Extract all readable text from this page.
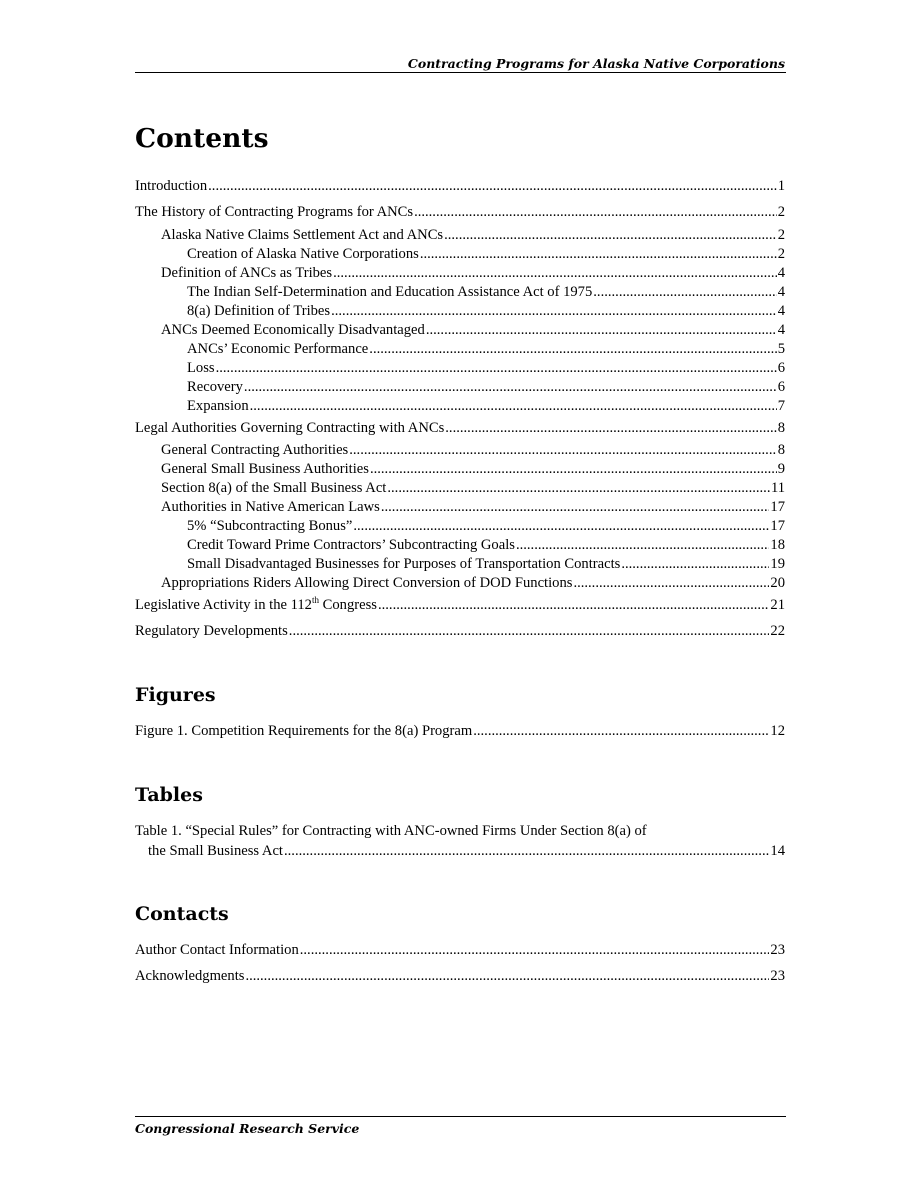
Contracting Programs for Alaska Native Corporations
Contents
Introduction .....	1
The History of Contracting Programs for ANCs .....	2
Alaska Native Claims Settlement Act and ANCs .....	2
Creation of Alaska Native Corporations .....	2
Definition of ANCs as Tribes .....	4
The Indian Self-Determination and Education Assistance Act of 1975 .....	4
8(a) Definition of Tribes .....	4
ANCs Deemed Economically Disadvantaged .....	4
ANCs’ Economic Performance .....	5
Loss .....	6
Recovery .....	6
Expansion .....	7
Legal Authorities Governing Contracting with ANCs .....	8
General Contracting Authorities .....	8
General Small Business Authorities .....	9
Section 8(a) of the Small Business Act .....	11
Authorities in Native American Laws .....	17
5% “Subcontracting Bonus” .....	17
Credit Toward Prime Contractors’ Subcontracting Goals .....	18
Small Disadvantaged Businesses for Purposes of Transportation Contracts .....	19
Appropriations Riders Allowing Direct Conversion of DOD Functions .....	20
Legislative Activity in the 112th Congress .....	21
Regulatory Developments .....	22
Figures
Figure 1. Competition Requirements for the 8(a) Program .....	12
Tables
Table 1. “Special Rules” for Contracting with ANC-owned Firms Under Section 8(a) of
the Small Business Act .....	14
Contacts
Author Contact Information .....	23
Acknowledgments .....	23
Congressional Research Service
